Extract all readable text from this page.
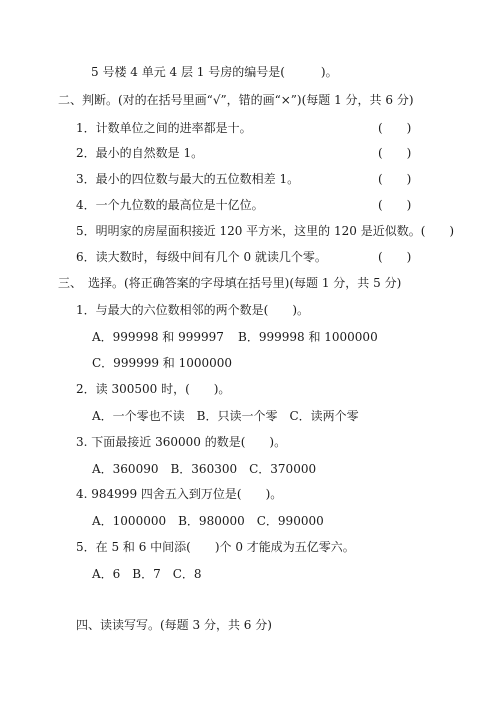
5 号楼 4 单元 4 层 1 号房的编号是(　　　)。
二、判断。(对的在括号里画“√”，错的画“×”)(每题 1 分，共 6 分)
1．计数单位之间的进率都是十。	(　　)
2．最小的自然数是 1。	(　　)
3．最小的四位数与最大的五位数相差 1。	(　　)
4．一个九位数的最高位是十亿位。	(　　)
5．明明家的房屋面积接近 120 平方米，这里的 120 是近似数。(　　)
6．读大数时，每级中间有几个 0 就读几个零。	(　　)
三、　选择。(将正确答案的字母填在括号里)(每题 1 分，共 5 分)
1．与最大的六位数相邻的两个数是(　　)。
A．999998 和 999997 B．999998 和 1000000
C．999999 和 1000000
2．读 300500 时，(　　)。
A．一个零也不读　B．只读一个零　C．读两个零
3. 下面最接近 360000 的数是(　　)。
A．360090　B．360300　C．370000
4. 984999 四舍五入到万位是(　　)。
A．1000000　B．980000　C．990000
5．在 5 和 6 中间添(　　)个 0 才能成为五亿零六。
A．6　B．7　C．8
四、读读写写。(每题 3 分，共 6 分)
